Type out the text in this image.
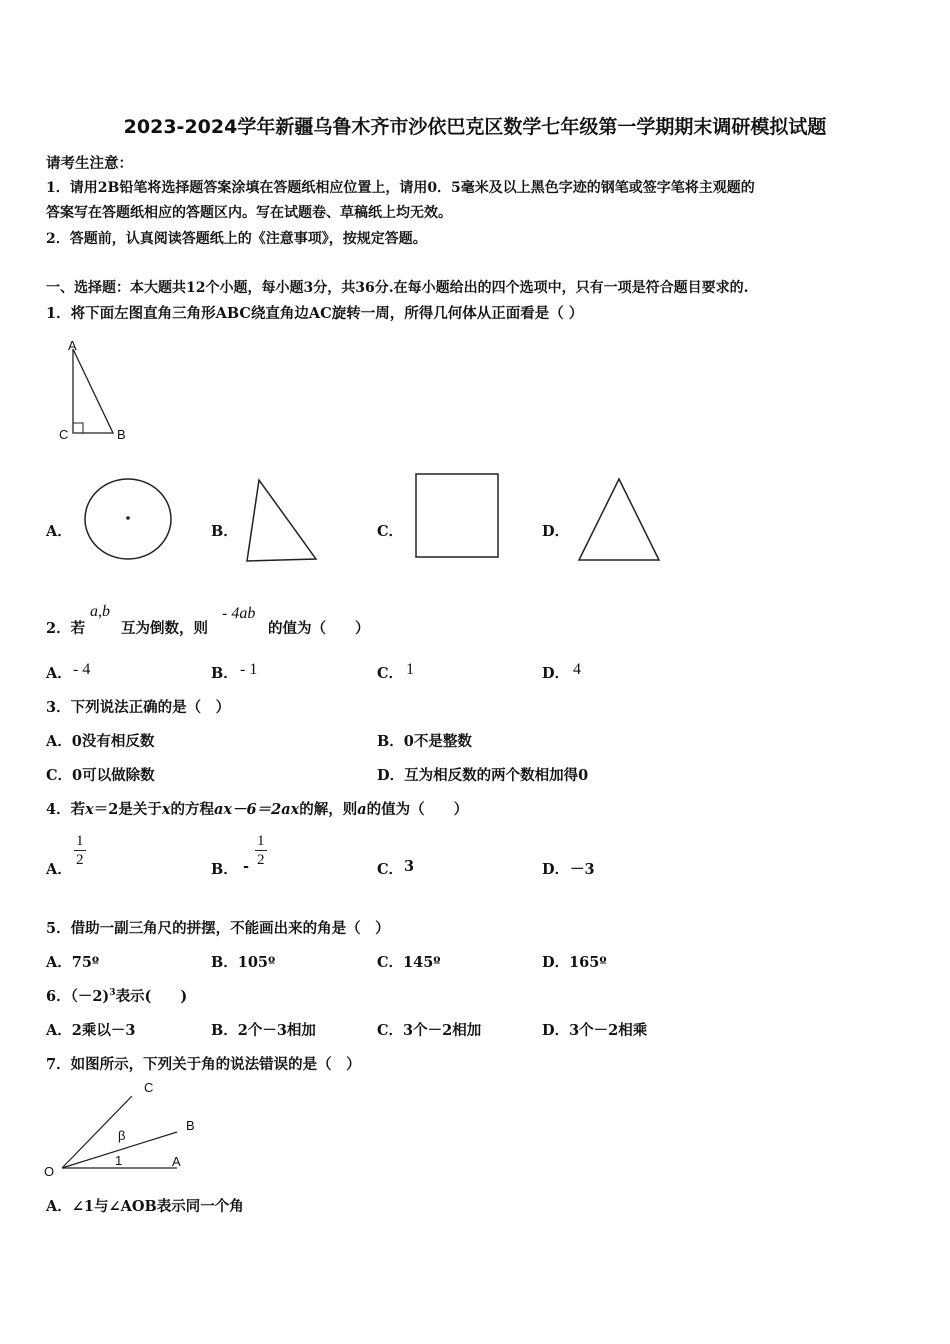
2023-2024学年新疆乌鲁木齐市沙依巴克区数学七年级第一学期期末调研模拟试题
请考生注意：
1．请用2B铅笔将选择题答案涂填在答题纸相应位置上，请用0．5毫米及以上黑色字迹的钢笔或签字笔将主观题的
答案写在答题纸相应的答题区内。写在试题卷、草稿纸上均无效。
2．答题前，认真阅读答题纸上的《注意事项》，按规定答题。
一、选择题：本大题共12个小题，每小题3分，共36分.在每小题给出的四个选项中，只有一项是符合题目要求的.
1．将下面左图直角三角形ABC绕直角边AC旋转一周，所得几何体从正面看是（ ）
A
C	B
A．	B．	C．	D．
2．若
a,b
互为倒数，则
- 4ab
的值为（　　）
A． - 4	B． - 1	C． 1	D． 4
3．下列说法正确的是（　）
A．0没有相反数	B．0不是整数
C．0可以做除数	D．互为相反数的两个数相加得0
4．若x＝2是关于x的方程ax－6＝2ax的解，则a的值为（　　）
A．
$\frac{1}{2}$
B． - $\frac{1}{2}$
C． 3	D． －3
5．借助一副三角尺的拼摆，不能画出来的角是（　）
A．75º	B．105º	C．145º	D．165º
6．（－2)$^3$表示(　　)
A．2乘以－3	B．2个－3相加	C．3个－2相加	D．3个－2相乘
7．如图所示，下列关于角的说法错误的是（　）
C
B
A
O
β
1
A．∠1与∠AOB表示同一个角
